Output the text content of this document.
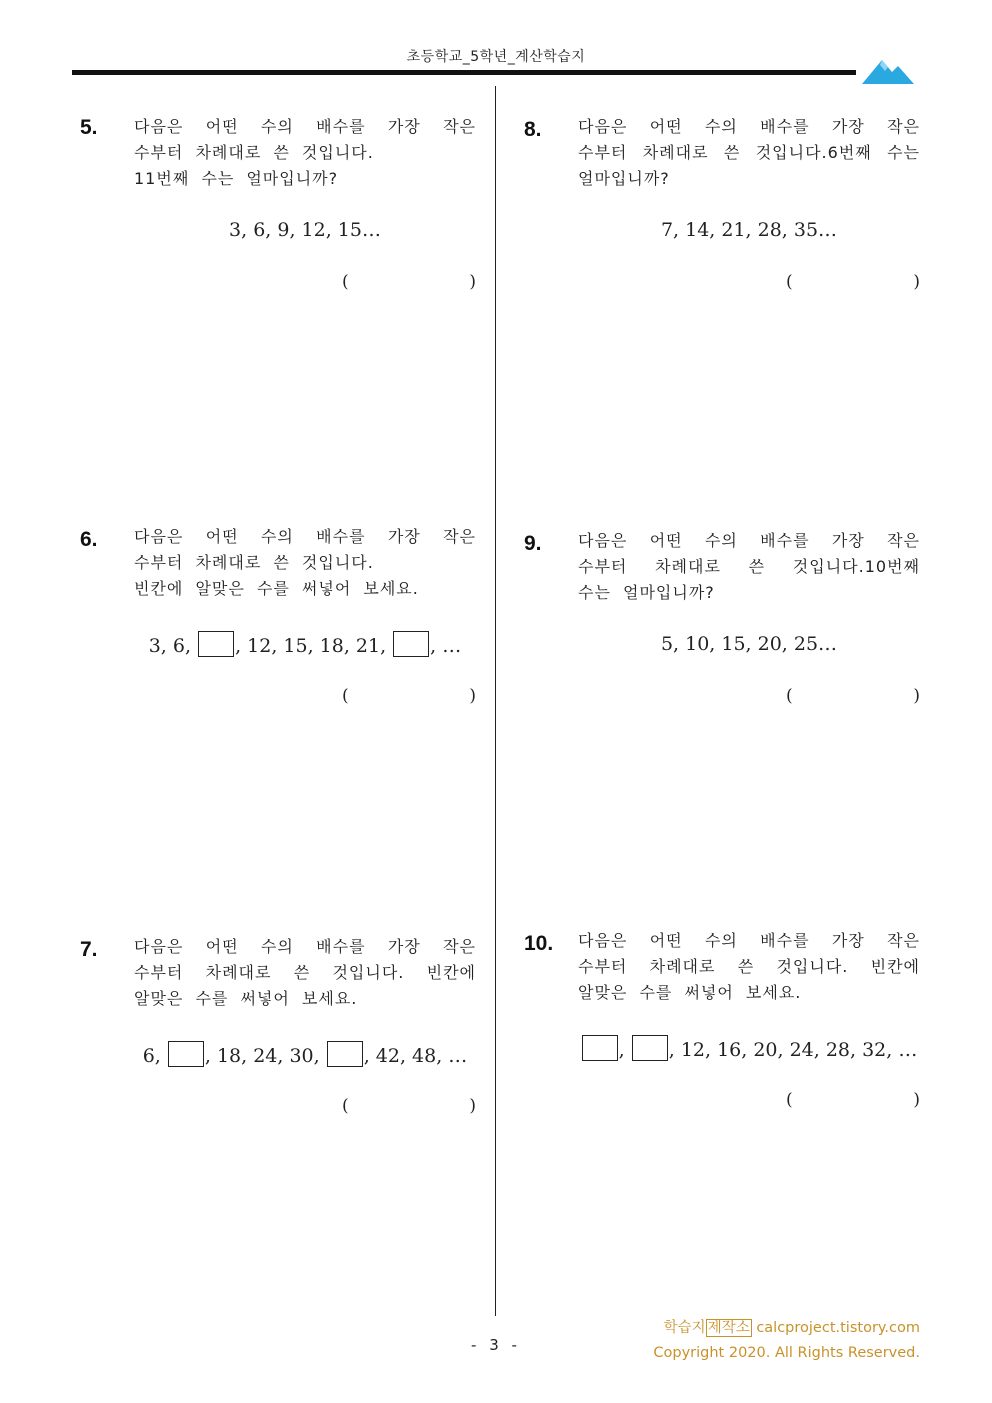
초등학교_5학년_계산학습지
5. 다음은 어떤 수의 배수를 가장 작은
수부터 차례대로 쓴 것입니다.
11번째 수는 얼마입니까?
3, 6, 9, 12, 15…
(	)
6. 다음은 어떤 수의 배수를 가장 작은
수부터 차례대로 쓴 것입니다.
빈칸에 알맞은 수를 써넣어 보세요.
3, 6, , 12, 15, 18, 21, , …
(	)
7. 다음은 어떤 수의 배수를 가장 작은
수부터 차례대로 쓴 것입니다. 빈칸에
알맞은 수를 써넣어 보세요.
6, , 18, 24, 30, , 42, 48, …
(	)
8. 다음은 어떤 수의 배수를 가장 작은
수부터 차례대로 쓴 것입니다.6번째 수는
얼마입니까?
7, 14, 21, 28, 35…
(	)
9. 다음은 어떤 수의 배수를 가장 작은
수부터 차례대로 쓴 것입니다.10번째
수는 얼마입니까?
5, 10, 15, 20, 25…
(	)
10. 다음은 어떤 수의 배수를 가장 작은
수부터 차례대로 쓴 것입니다. 빈칸에
알맞은 수를 써넣어 보세요.
, , 12, 16, 20, 24, 28, 32, …
(	)
- 3 -
학습지 제작소 calcproject.tistory.com
Copyright 2020. All Rights Reserved.
